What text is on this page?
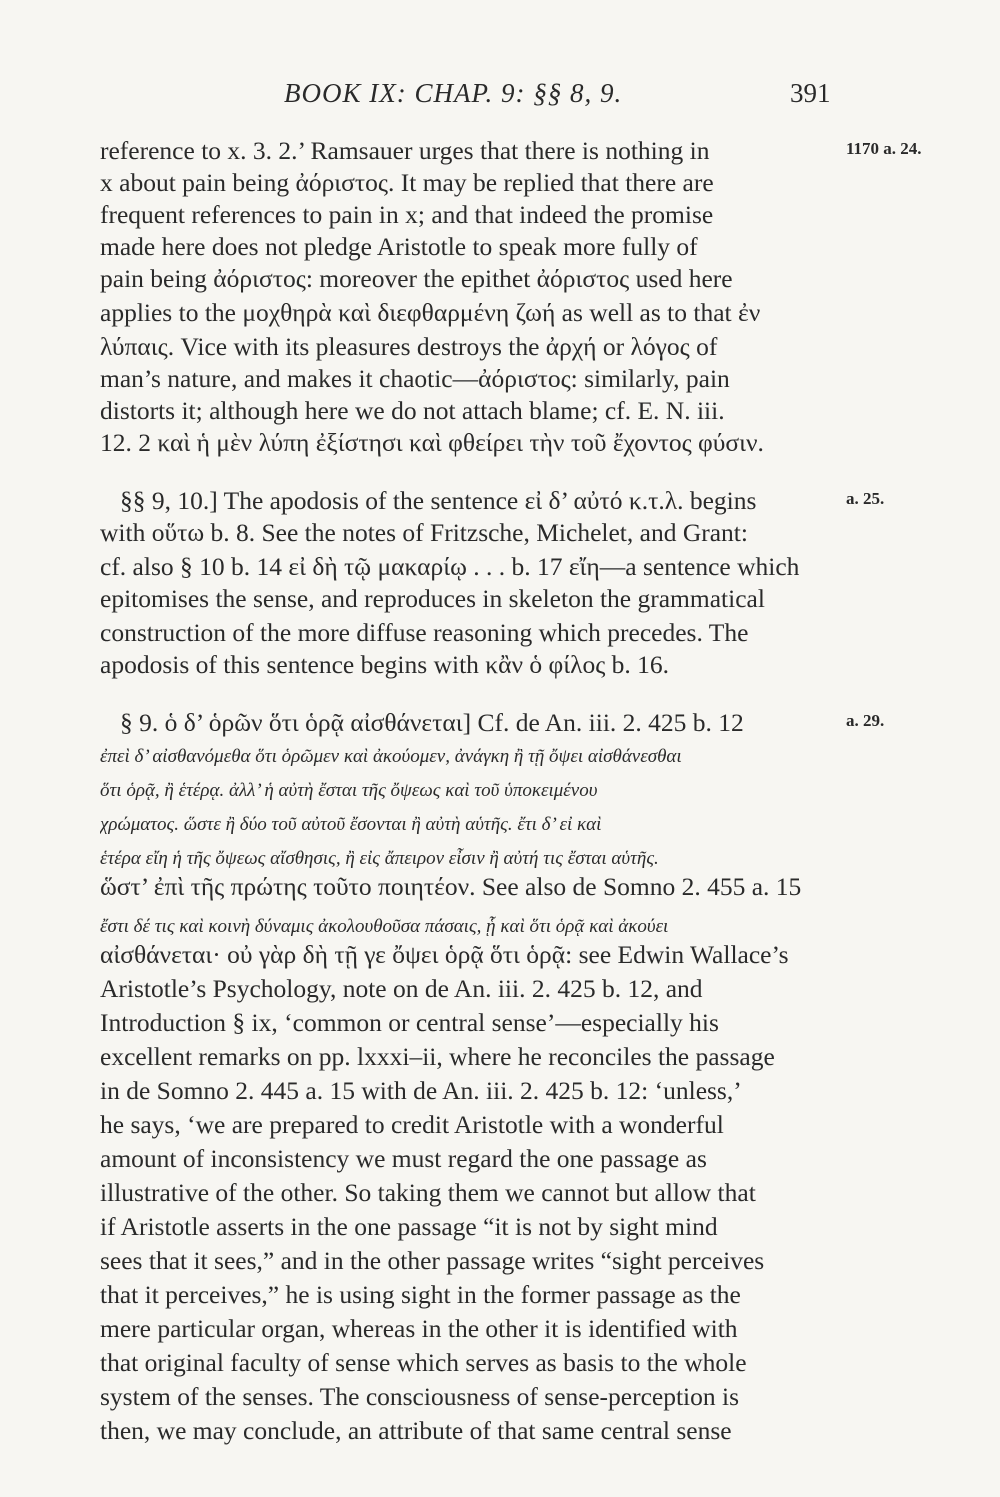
BOOK IX: CHAP. 9: §§ 8, 9.	391
reference to x. 3. 2.’ Ramsauer urges that there is nothing in
x about pain being ἀόριστος. It may be replied that there are
frequent references to pain in x; and that indeed the promise
made here does not pledge Aristotle to speak more fully of
pain being ἀόριστος: moreover the epithet ἀόριστος used here
applies to the μοχθηρὰ καὶ διεφθαρμένη ζωή as well as to that ἐν
λύπαις. Vice with its pleasures destroys the ἀρχή or λόγος of
man’s nature, and makes it chaotic—ἀόριστος: similarly, pain
distorts it; although here we do not attach blame; cf. E. N. iii.
12. 2 καὶ ἡ μὲν λύπη ἐξίστησι καὶ φθείρει τὴν τοῦ ἔχοντος φύσιν.
§§ 9, 10.] The apodosis of the sentence εἰ δ’ αὐτό κ.τ.λ. begins
with οὕτω b. 8. See the notes of Fritzsche, Michelet, and Grant:
cf. also § 10 b. 14 εἰ δὴ τῷ μακαρίῳ . . . b. 17 εἴη—a sentence which
epitomises the sense, and reproduces in skeleton the grammatical
construction of the more diffuse reasoning which precedes. The
apodosis of this sentence begins with κἂν ὁ φίλος b. 16.
§ 9. ὁ δ’ ὁρῶν ὅτι ὁρᾷ αἰσθάνεται] Cf. de An. iii. 2. 425 b. 12
ἐπεὶ δ’ αἰσθανόμεθα ὅτι ὁρῶμεν καὶ ἀκούομεν, ἀνάγκη ἢ τῇ ὄψει αἰσθάνεσθαι
ὅτι ὁρᾷ, ἢ ἑτέρᾳ. ἀλλ’ ἡ αὐτὴ ἔσται τῆς ὄψεως καὶ τοῦ ὑποκειμένου
χρώματος. ὥστε ἢ δύο τοῦ αὐτοῦ ἔσονται ἢ αὐτὴ αὑτῆς. ἔτι δ’ εἰ καὶ
ἑτέρα εἴη ἡ τῆς ὄψεως αἴσθησις, ἢ εἰς ἄπειρον εἶσιν ἢ αὐτή τις ἔσται αὑτῆς.
ὥστ’ ἐπὶ τῆς πρώτης τοῦτο ποιητέον. See also de Somno 2. 455 a. 15
ἔστι δέ τις καὶ κοινὴ δύναμις ἀκολουθοῦσα πάσαις, ᾗ καὶ ὅτι ὁρᾷ καὶ ἀκούει
αἰσθάνεται· οὐ γὰρ δὴ τῇ γε ὄψει ὁρᾷ ὅτι ὁρᾷ: see Edwin Wallace’s
Aristotle’s Psychology, note on de An. iii. 2. 425 b. 12, and
Introduction § ix, ‘common or central sense’—especially his
excellent remarks on pp. lxxxi–ii, where he reconciles the passage
in de Somno 2. 445 a. 15 with de An. iii. 2. 425 b. 12: ‘unless,’
he says, ‘we are prepared to credit Aristotle with a wonderful
amount of inconsistency we must regard the one passage as
illustrative of the other. So taking them we cannot but allow that
if Aristotle asserts in the one passage “it is not by sight mind
sees that it sees,” and in the other passage writes “sight perceives
that it perceives,” he is using sight in the former passage as the
mere particular organ, whereas in the other it is identified with
that original faculty of sense which serves as basis to the whole
system of the senses. The consciousness of sense-perception is
then, we may conclude, an attribute of that same central sense
1170 a. 24.
a. 25.
a. 29.
